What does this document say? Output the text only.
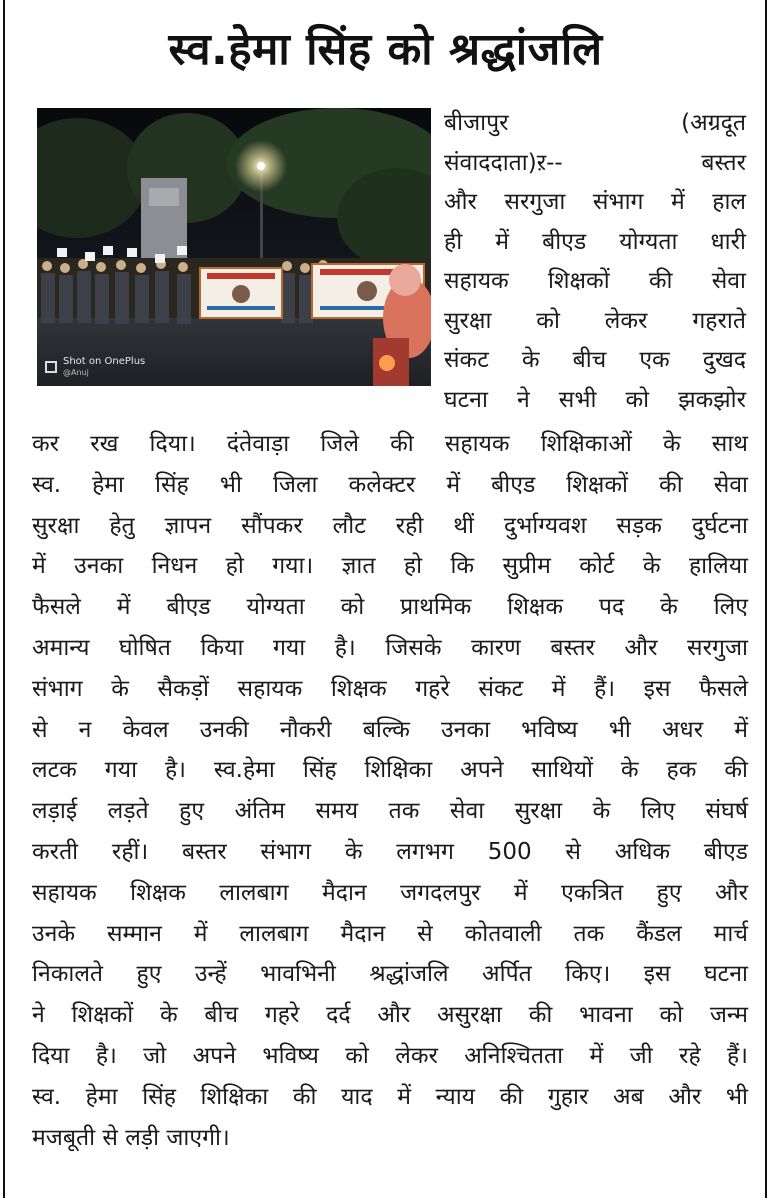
स्व.हेमा सिंह को श्रद्धांजलि
Shot on OnePlus
@Anuj
बीजापुर (अग्रदूत
संवाददाता)ऱ-- बस्तर
और सरगुजा संभाग में हाल
ही में बीएड योग्यता धारी
सहायक शिक्षकों की सेवा
सुरक्षा को लेकर गहराते
संकट के बीच एक दुखद
घटना ने सभी को झकझोर
कर रख दिया। दंतेवाड़ा जिले की सहायक शिक्षिकाओं के साथ
स्व. हेमा सिंह भी जिला कलेक्टर में बीएड शिक्षकों की सेवा
सुरक्षा हेतु ज्ञापन सौंपकर लौट रही थीं दुर्भाग्यवश सड़क दुर्घटना
में उनका निधन हो गया। ज्ञात हो कि सुप्रीम कोर्ट के हालिया
फैसले में बीएड योग्यता को प्राथमिक शिक्षक पद के लिए
अमान्य घोषित किया गया है। जिसके कारण बस्तर और सरगुजा
संभाग के सैकड़ों सहायक शिक्षक गहरे संकट में हैं। इस फैसले
से न केवल उनकी नौकरी बल्कि उनका भविष्य भी अधर में
लटक गया है। स्व.हेमा सिंह शिक्षिका अपने साथियों के हक की
लड़ाई लड़ते हुए अंतिम समय तक सेवा सुरक्षा के लिए संघर्ष
करती रहीं। बस्तर संभाग के लगभग 500 से अधिक बीएड
सहायक शिक्षक लालबाग मैदान जगदलपुर में एकत्रित हुए और
उनके सम्मान में लालबाग मैदान से कोतवाली तक कैंडल मार्च
निकालते हुए उन्हें भावभिनी श्रद्धांजलि अर्पित किए। इस घटना
ने शिक्षकों के बीच गहरे दर्द और असुरक्षा की भावना को जन्म
दिया है। जो अपने भविष्य को लेकर अनिश्चितता में जी रहे हैं।
स्व. हेमा सिंह शिक्षिका की याद में न्याय की गुहार अब और भी
मजबूती से लड़ी जाएगी।
